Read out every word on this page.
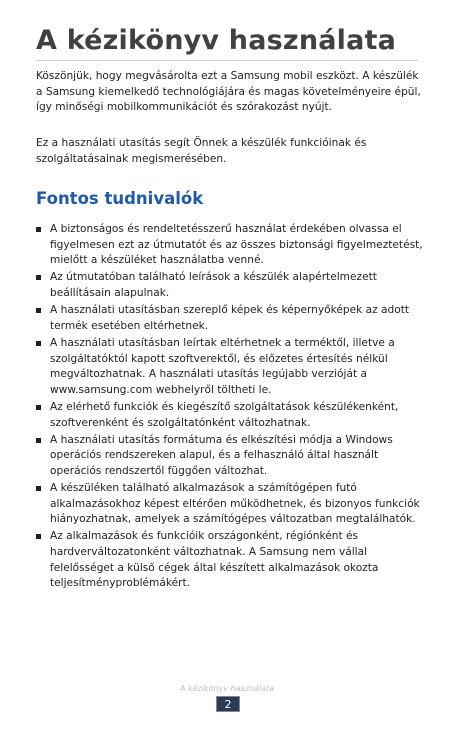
A kézikönyv használata

Köszönjük, hogy megvásárolta ezt a Samsung mobil eszközt. A készülék a Samsung kiemelkedő technológiájára és magas követelményeire épül, így minőségi mobilkommunikációt és szórakozást nyújt.

Ez a használati utasítás segít Önnek a készülék funkcióinak és szolgáltatásainak megismerésében.

Fontos tudnivalók
A biztonságos és rendeltetésszerű használat érdekében olvassa el figyelmesen ezt az útmutatót és az összes biztonsági figyelmeztetést, mielőtt a készüléket használatba venné.
Az útmutatóban található leírások a készülék alapértelmezett beállításain alapulnak.
A használati utasításban szereplő képek és képernyőképek az adott termék esetében eltérhetnek.
A használati utasításban leírtak eltérhetnek a terméktől, illetve a szolgáltatóktól kapott szoftverektől, és előzetes értesítés nélkül megváltozhatnak. A használati utasítás legújabb verzióját a www.samsung.com webhelyről töltheti le.
Az elérhető funkciók és kiegészítő szolgáltatások készülékenként, szoftverenként és szolgáltatónként változhatnak.
A használati utasítás formátuma és elkészítési módja a Windows operációs rendszereken alapul, és a felhasználó által használt operációs rendszertől függően változhat.
A készüléken található alkalmazások a számítógépen futó alkalmazásokhoz képest eltérően működhetnek, és bizonyos funkciók hiányozhatnak, amelyek a számítógépes változatban megtalálhatók.
Az alkalmazások és funkcióik országonként, régiónként és hardverváltozatonként változhatnak. A Samsung nem vállal felelősséget a külső cégek által készített alkalmazások okozta teljesítményproblémákért.
A kézikönyv használata
2
